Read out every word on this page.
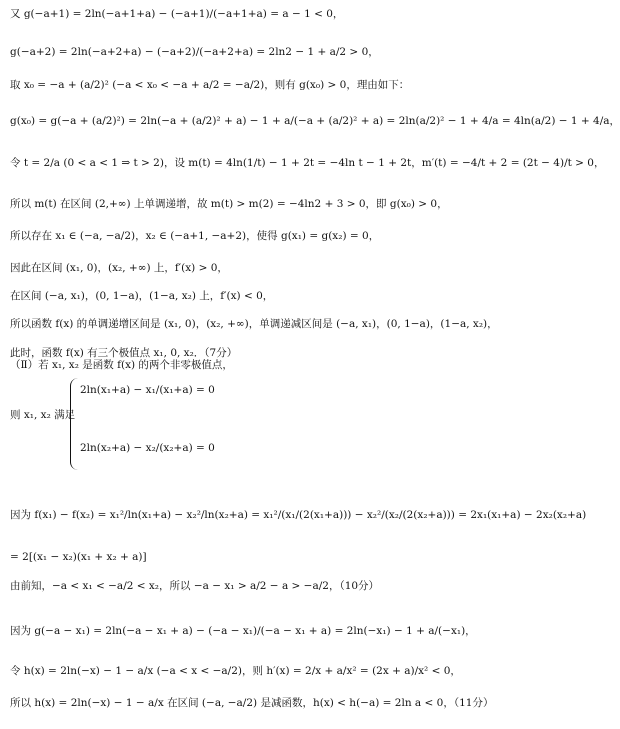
又 g(−a+1) = 2ln(−a+1+a) − (−a+1)/(−a+1+a) = a − 1 < 0，
g(−a+2) = 2ln(−a+2+a) − (−a+2)/(−a+2+a) = 2ln2 − 1 + a/2 > 0，
取 x₀ = −a + (a/2)² (−a < x₀ < −a + a/2 = −a/2)，则有 g(x₀) > 0，理由如下：
g(x₀) = g(−a + (a/2)²) = 2ln(−a + (a/2)² + a) − 1 + a/(−a + (a/2)² + a) = 2ln(a/2)² − 1 + 4/a = 4ln(a/2) − 1 + 4/a，
令 t = 2/a (0 < a < 1 ⇒ t > 2)，设 m(t) = 4ln(1/t) − 1 + 2t = −4ln t − 1 + 2t，m′(t) = −4/t + 2 = (2t − 4)/t > 0，
所以 m(t) 在区间 (2,+∞) 上单调递增，故 m(t) > m(2) = −4ln2 + 3 > 0，即 g(x₀) > 0，
所以存在 x₁ ∈ (−a, −a/2)，x₂ ∈ (−a+1, −a+2)，使得 g(x₁) = g(x₂) = 0，
因此在区间 (x₁, 0)，(x₂, +∞) 上，f′(x) > 0，
在区间 (−a, x₁)，(0, 1−a)，(1−a, x₂) 上，f′(x) < 0，
所以函数 f(x) 的单调递增区间是 (x₁, 0)，(x₂, +∞)，单调递减区间是 (−a, x₁)，(0, 1−a)，(1−a, x₂)，
此时，函数 f(x) 有三个极值点 x₁, 0, x₂．（7分）
（Ⅱ）若 x₁, x₂ 是函数 f(x) 的两个非零极值点，
2ln(x₁+a) − x₁/(x₁+a) = 0
则 x₁, x₂ 满足
2ln(x₂+a) − x₂/(x₂+a) = 0
因为 f(x₁) − f(x₂) = x₁²/ln(x₁+a) − x₂²/ln(x₂+a) = x₁²/(x₁/(2(x₁+a))) − x₂²/(x₂/(2(x₂+a))) = 2x₁(x₁+a) − 2x₂(x₂+a)
= 2[(x₁ − x₂)(x₁ + x₂ + a)]
由前知，−a < x₁ < −a/2 < x₂，所以 −a − x₁ > a/2 − a > −a/2，（10分）
因为 g(−a − x₁) = 2ln(−a − x₁ + a) − (−a − x₁)/(−a − x₁ + a) = 2ln(−x₁) − 1 + a/(−x₁)，
令 h(x) = 2ln(−x) − 1 − a/x (−a < x < −a/2)，则 h′(x) = 2/x + a/x² = (2x + a)/x² < 0，
所以 h(x) = 2ln(−x) − 1 − a/x 在区间 (−a, −a/2) 是减函数，h(x) < h(−a) = 2ln a < 0，（11分）
